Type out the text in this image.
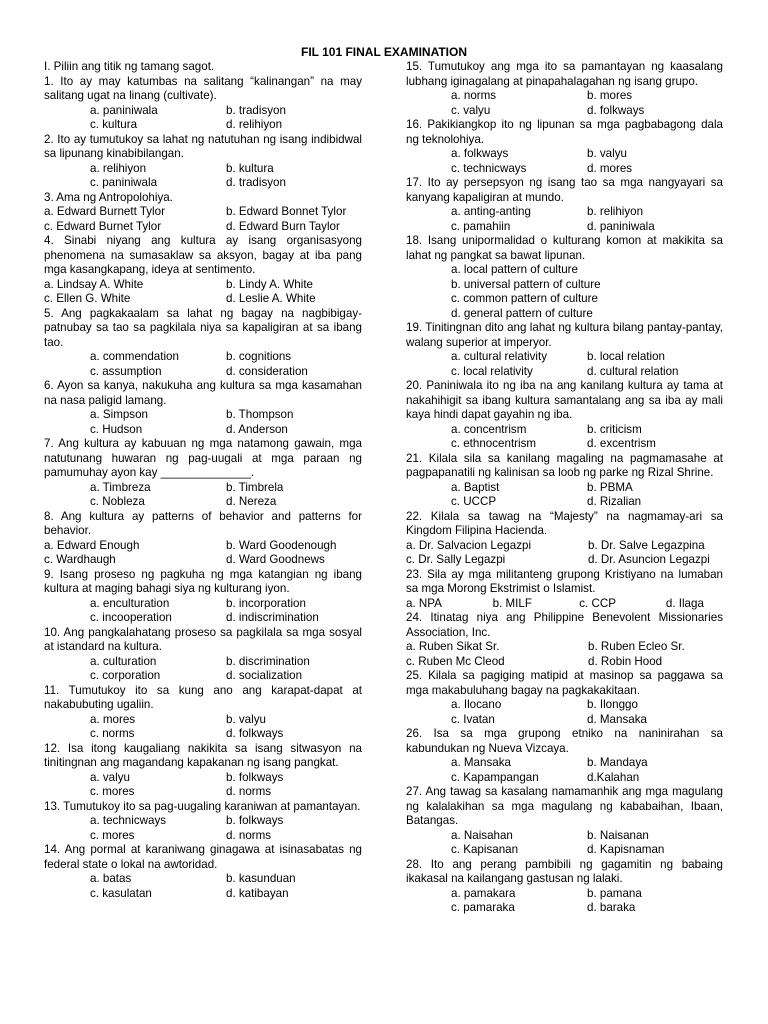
FIL 101 FINAL EXAMINATION
I. Piliin ang titik ng tamang sagot.
1. Ito ay may katumbas na salitang “kalinangan” na may salitang ugat na linang (cultivate).
a. paniniwala	b. tradisyon
c. kultura	d. relihiyon
2. Ito ay tumutukoy sa lahat ng natutuhan ng isang indibidwal sa lipunang kinabibilangan.
a. relihiyon	b. kultura
c. paniniwala	d. tradisyon
3. Ama ng Antropolohiya.
a. Edward Burnett Tylor	b. Edward Bonnet Tylor
c. Edward Burnet Tylor	d. Edward Burn Taylor
4. Sinabi niyang ang kultura ay isang organisasyong phenomena na sumasaklaw sa aksyon, bagay at iba pang mga kasangkapang, ideya at sentimento.
a. Lindsay A. White	b. Lindy A. White
c. Ellen G. White	d. Leslie A. White
5. Ang pagkakaalam sa lahat ng bagay na nagbibigay-patnubay sa tao sa pagkilala niya sa kapaligiran at sa ibang tao.
a. commendation	b. cognitions
c. assumption	d. consideration
6. Ayon sa kanya, nakukuha ang kultura sa mga kasamahan na nasa paligid lamang.
a. Simpson	b. Thompson
c. Hudson	d. Anderson
7. Ang kultura ay kabuuan ng mga natamong gawain, mga natutunang huwaran ng pag-uugali at mga paraan ng pamumuhay ayon kay ______________.
a. Timbreza	b. Timbrela
c. Nobleza	d. Nereza
8. Ang kultura ay patterns of behavior and patterns for behavior.
a. Edward Enough	b. Ward Goodenough
c. Wardhaugh	d. Ward Goodnews
9. Isang proseso ng pagkuha ng mga katangian ng ibang kultura at maging bahagi siya ng kulturang iyon.
a. enculturation	b. incorporation
c. incooperation	d. indiscrimination
10. Ang pangkalahatang proseso sa pagkilala sa mga sosyal at istandard na kultura.
a. culturation	b. discrimination
c. corporation	d. socialization
11. Tumutukoy ito sa kung ano ang karapat-dapat at nakabubuting ugaliin.
a. mores	b. valyu
c. norms	d. folkways
12. Isa itong kaugaliang nakikita sa isang sitwasyon na tinitingnan ang magandang kapakanan ng isang pangkat.
a. valyu	b. folkways
c. mores	d. norms
13. Tumutukoy ito sa pag-uugaling karaniwan at pamantayan.
a. technicways	b. folkways
c. mores	d. norms
14. Ang pormal at karaniwang ginagawa at isinasabatas ng federal state o lokal na awtoridad.
a. batas	b. kasunduan
c. kasulatan	d. katibayan
15. Tumutukoy ang mga ito sa pamantayan ng kaasalang lubhang iginagalang at pinapahalagahan ng isang grupo.
a. norms	b. mores
c. valyu	d. folkways
16. Pakikiangkop ito ng lipunan sa mga pagbabagong dala ng teknolohiya.
a. folkways	b. valyu
c. technicways	d. mores
17. Ito ay persepsyon ng isang tao sa mga nangyayari sa kanyang kapaligiran at mundo.
a. anting-anting	b. relihiyon
c. pamahiin	d. paniniwala
18. Isang unipormalidad o kulturang komon at makikita sa lahat ng pangkat sa bawat lipunan.
a. local pattern of culture
b. universal pattern of culture
c. common pattern of culture
d. general pattern of culture
19. Tinitingnan dito ang lahat ng kultura bilang pantay-pantay, walang superior at imperyor.
a. cultural relativity	b. local relation
c. local relativity	d. cultural relation
20. Paniniwala ito ng iba na ang kanilang kultura ay tama at nakahihigit sa ibang kultura samantalang ang sa iba ay mali kaya hindi dapat gayahin ng iba.
a. concentrism	b. criticism
c. ethnocentrism	d. excentrism
21. Kilala sila sa kanilang magaling na pagmamasahe at pagpapanatili ng kalinisan sa loob ng parke ng Rizal Shrine.
a. Baptist	b. PBMA
c. UCCP	d. Rizalian
22. Kilala sa tawag na “Majesty” na nagmamay-ari sa Kingdom Filipina Hacienda.
a. Dr. Salvacion Legazpi	b. Dr. Salve Legazpina
c. Dr. Sally Legazpi	d. Dr. Asuncion Legazpi
23. Sila ay mga militanteng grupong Kristiyano na lumaban sa mga Morong Ekstrimist o Islamist.
a. NPA	b. MILF	c. CCP	d. Ilaga
24. Itinatag niya ang Philippine Benevolent Missionaries Association, Inc.
a. Ruben Sikat Sr.	b. Ruben Ecleo Sr.
c. Ruben Mc Cleod	d. Robin Hood
25. Kilala sa pagiging matipid at masinop sa paggawa sa mga makabuluhang bagay na pagkakakitaan.
a. Ilocano	b. Ilonggo
c. Ivatan	d. Mansaka
26. Isa sa mga grupong etniko na naninirahan sa kabundukan ng Nueva Vizcaya.
a. Mansaka	b. Mandaya
c. Kapampangan	d.Kalahan
27. Ang tawag sa kasalang namamanhik ang mga magulang ng kalalakihan sa mga magulang ng kababaihan, Ibaan, Batangas.
a. Naisahan	b. Naisanan
c. Kapisanan	d. Kapisnaman
28. Ito ang perang pambibili ng gagamitin ng babaing ikakasal na kailangang gastusan ng lalaki.
a. pamakara	b. pamana
c. pamaraka	d. baraka
